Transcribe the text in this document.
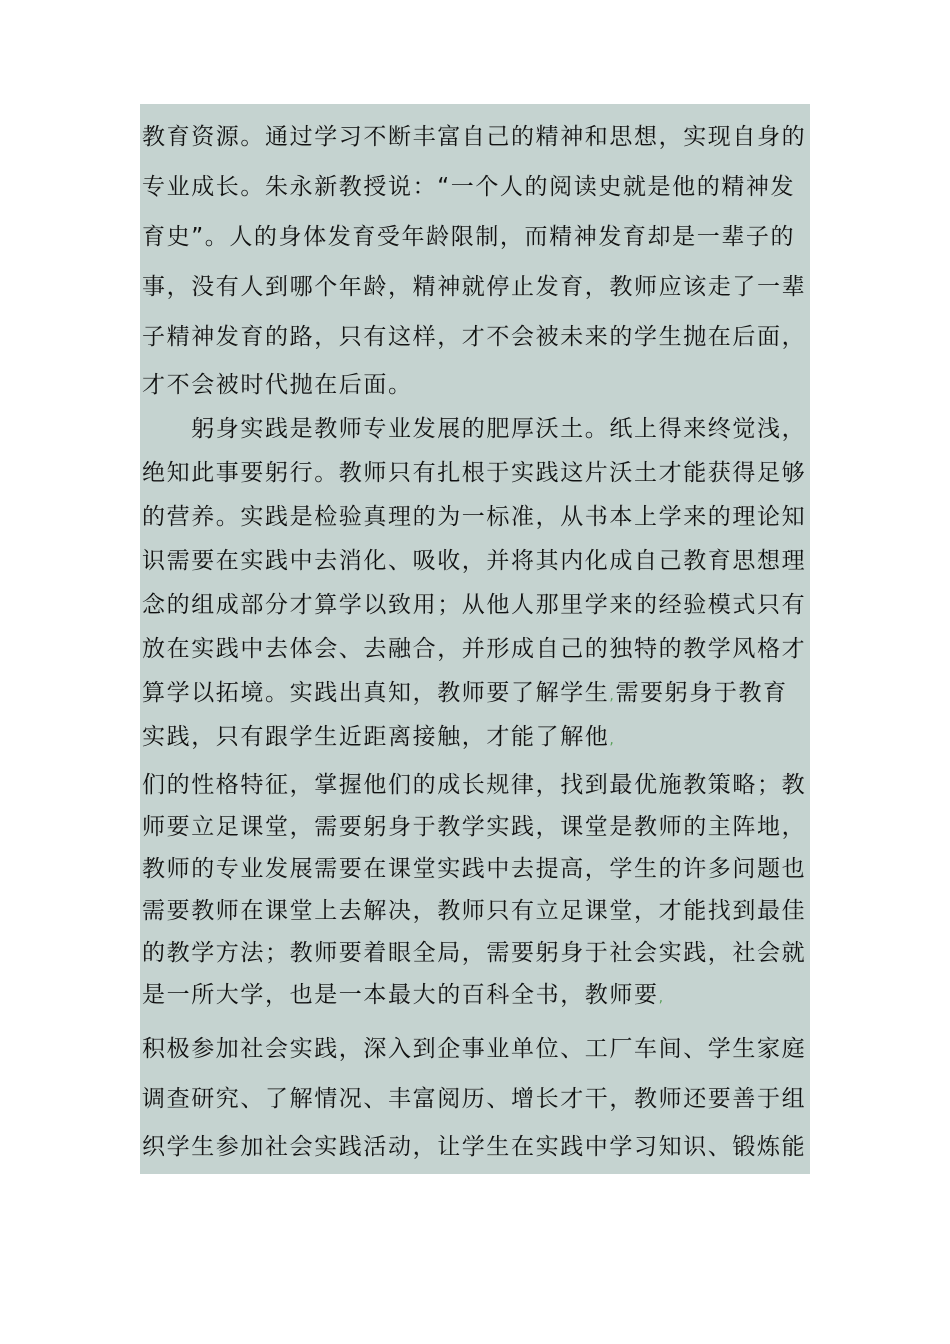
教育资源。通过学习不断丰富自己的精神和思想，实现自身的
专业成长。朱永新教授说：“一个人的阅读史就是他的精神发
育史”。人的身体发育受年龄限制，而精神发育却是一辈子的
事，没有人到哪个年龄，精神就停止发育，教师应该走了一辈
子精神发育的路，只有这样，才不会被未来的学生抛在后面，
才不会被时代抛在后面。
　　躬身实践是教师专业发展的肥厚沃土。纸上得来终觉浅，
绝知此事要躬行。教师只有扎根于实践这片沃土才能获得足够
的营养。实践是检验真理的为一标准，从书本上学来的理论知
识需要在实践中去消化、吸收，并将其内化成自己教育思想理
念的组成部分才算学以致用；从他人那里学来的经验模式只有
放在实践中去体会、去融合，并形成自己的独特的教学风格才
算学以拓境。实践出真知，教师要了解学生,需要躬身于教育
实践，只有跟学生近距离接触，才能了解他,
们的性格特征，掌握他们的成长规律，找到最优施教策略；教
师要立足课堂，需要躬身于教学实践，课堂是教师的主阵地，
教师的专业发展需要在课堂实践中去提高，学生的许多问题也
需要教师在课堂上去解决，教师只有立足课堂，才能找到最佳
的教学方法；教师要着眼全局，需要躬身于社会实践，社会就
是一所大学，也是一本最大的百科全书，教师要,
积极参加社会实践，深入到企事业单位、工厂车间、学生家庭
调查研究、了解情况、丰富阅历、增长才干，教师还要善于组
织学生参加社会实践活动，让学生在实践中学习知识、锻炼能
